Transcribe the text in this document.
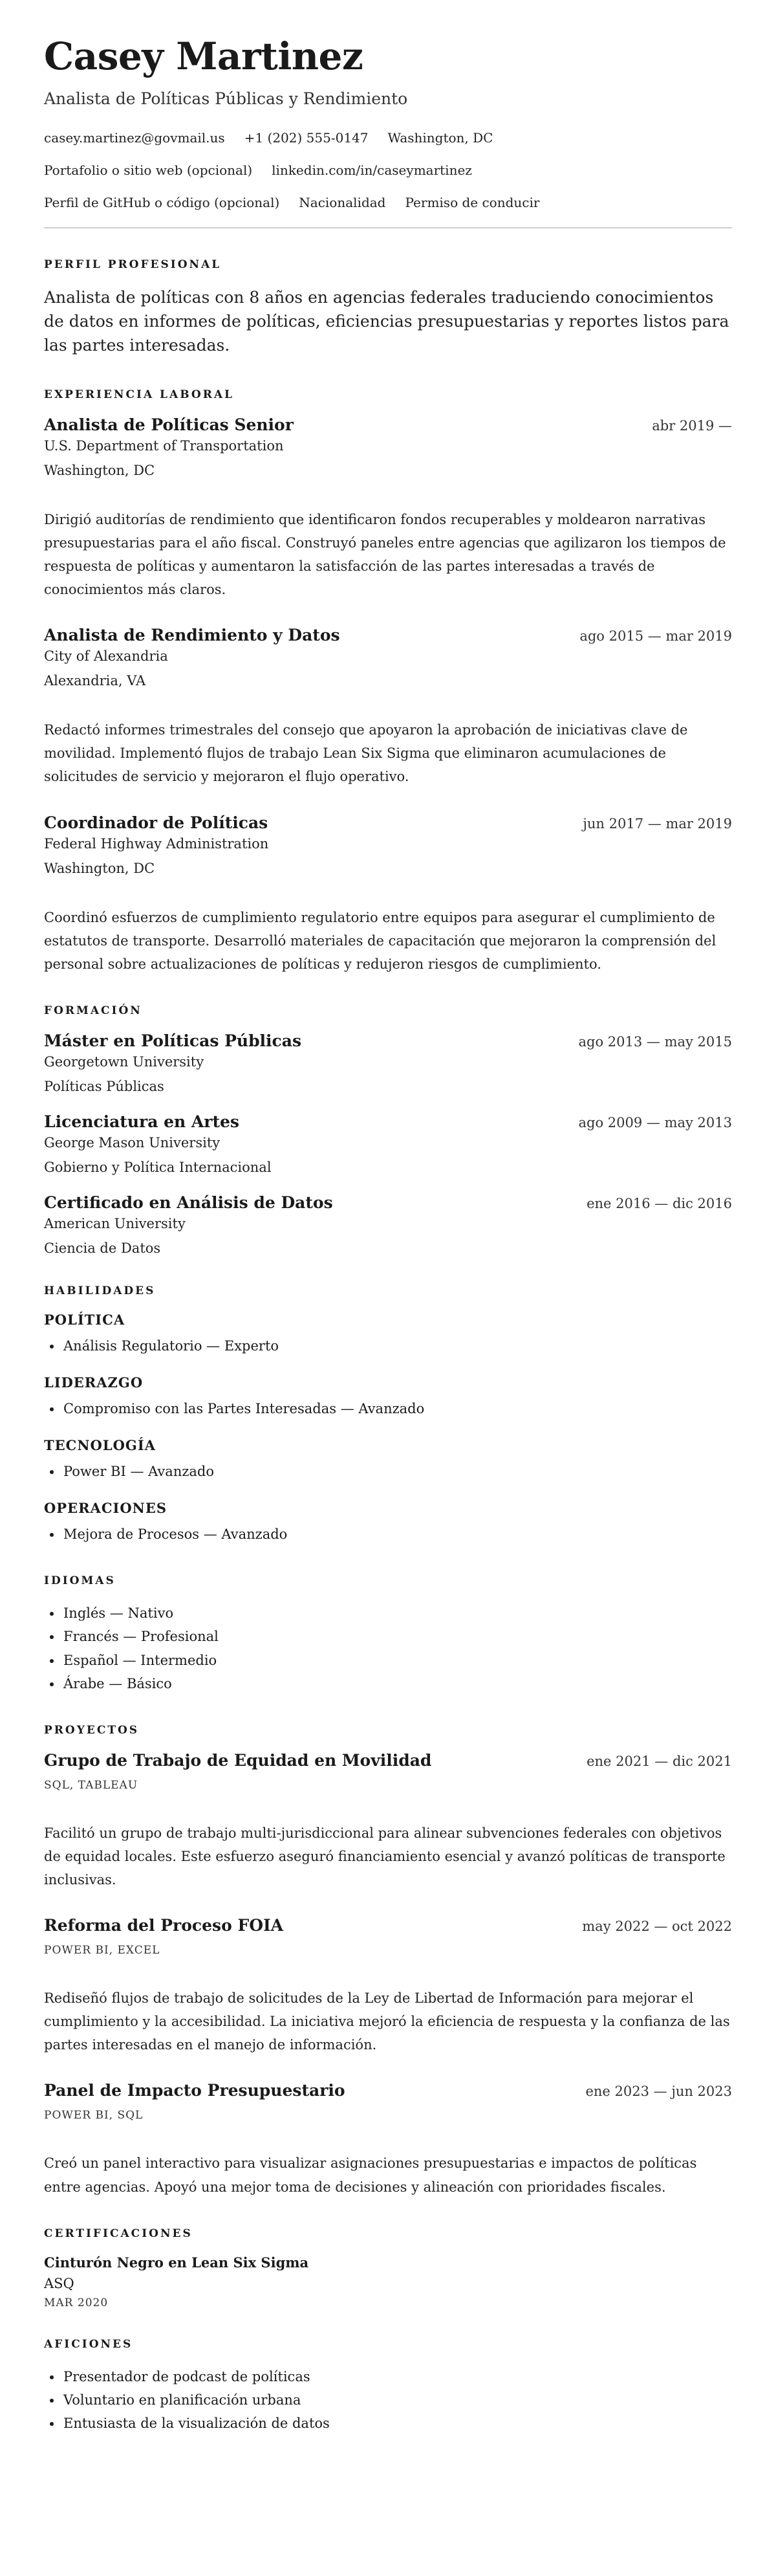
Casey Martinez
Analista de Políticas Públicas y Rendimiento
casey.martinez@govmail.us +1 (202) 555-0147 Washington, DC
Portafolio o sitio web (opcional) linkedin.com/in/caseymartinez
Perfil de GitHub o código (opcional) Nacionalidad Permiso de conducir
PERFIL PROFESIONAL
Analista de políticas con 8 años en agencias federales traduciendo conocimientos de datos en informes de políticas, eficiencias presupuestarias y reportes listos para las partes interesadas.
EXPERIENCIA LABORAL
Analista de Políticas Senior	abr 2019 —
U.S. Department of Transportation
Washington, DC
Dirigió auditorías de rendimiento que identificaron fondos recuperables y moldearon narrativas presupuestarias para el año fiscal. Construyó paneles entre agencias que agilizaron los tiempos de respuesta de políticas y aumentaron la satisfacción de las partes interesadas a través de conocimientos más claros.
Analista de Rendimiento y Datos	ago 2015 — mar 2019
City of Alexandria
Alexandria, VA
Redactó informes trimestrales del consejo que apoyaron la aprobación de iniciativas clave de movilidad. Implementó flujos de trabajo Lean Six Sigma que eliminaron acumulaciones de solicitudes de servicio y mejoraron el flujo operativo.
Coordinador de Políticas	jun 2017 — mar 2019
Federal Highway Administration
Washington, DC
Coordinó esfuerzos de cumplimiento regulatorio entre equipos para asegurar el cumplimiento de estatutos de transporte. Desarrolló materiales de capacitación que mejoraron la comprensión del personal sobre actualizaciones de políticas y redujeron riesgos de cumplimiento.
FORMACIÓN
Máster en Políticas Públicas	ago 2013 — may 2015
Georgetown University
Políticas Públicas
Licenciatura en Artes	ago 2009 — may 2013
George Mason University
Gobierno y Política Internacional
Certificado en Análisis de Datos	ene 2016 — dic 2016
American University
Ciencia de Datos
HABILIDADES
POLÍTICA
• Análisis Regulatorio — Experto
LIDERAZGO
• Compromiso con las Partes Interesadas — Avanzado
TECNOLOGÍA
• Power BI — Avanzado
OPERACIONES
• Mejora de Procesos — Avanzado
IDIOMAS
• Inglés — Nativo
• Francés — Profesional
• Español — Intermedio
• Árabe — Básico
PROYECTOS
Grupo de Trabajo de Equidad en Movilidad	ene 2021 — dic 2021
SQL, TABLEAU
Facilitó un grupo de trabajo multi-jurisdiccional para alinear subvenciones federales con objetivos de equidad locales. Este esfuerzo aseguró financiamiento esencial y avanzó políticas de transporte inclusivas.
Reforma del Proceso FOIA	may 2022 — oct 2022
POWER BI, EXCEL
Rediseñó flujos de trabajo de solicitudes de la Ley de Libertad de Información para mejorar el cumplimiento y la accesibilidad. La iniciativa mejoró la eficiencia de respuesta y la confianza de las partes interesadas en el manejo de información.
Panel de Impacto Presupuestario	ene 2023 — jun 2023
POWER BI, SQL
Creó un panel interactivo para visualizar asignaciones presupuestarias e impactos de políticas entre agencias. Apoyó una mejor toma de decisiones y alineación con prioridades fiscales.
CERTIFICACIONES
Cinturón Negro en Lean Six Sigma
ASQ
MAR 2020
AFICIONES
• Presentador de podcast de políticas
• Voluntario en planificación urbana
• Entusiasta de la visualización de datos
